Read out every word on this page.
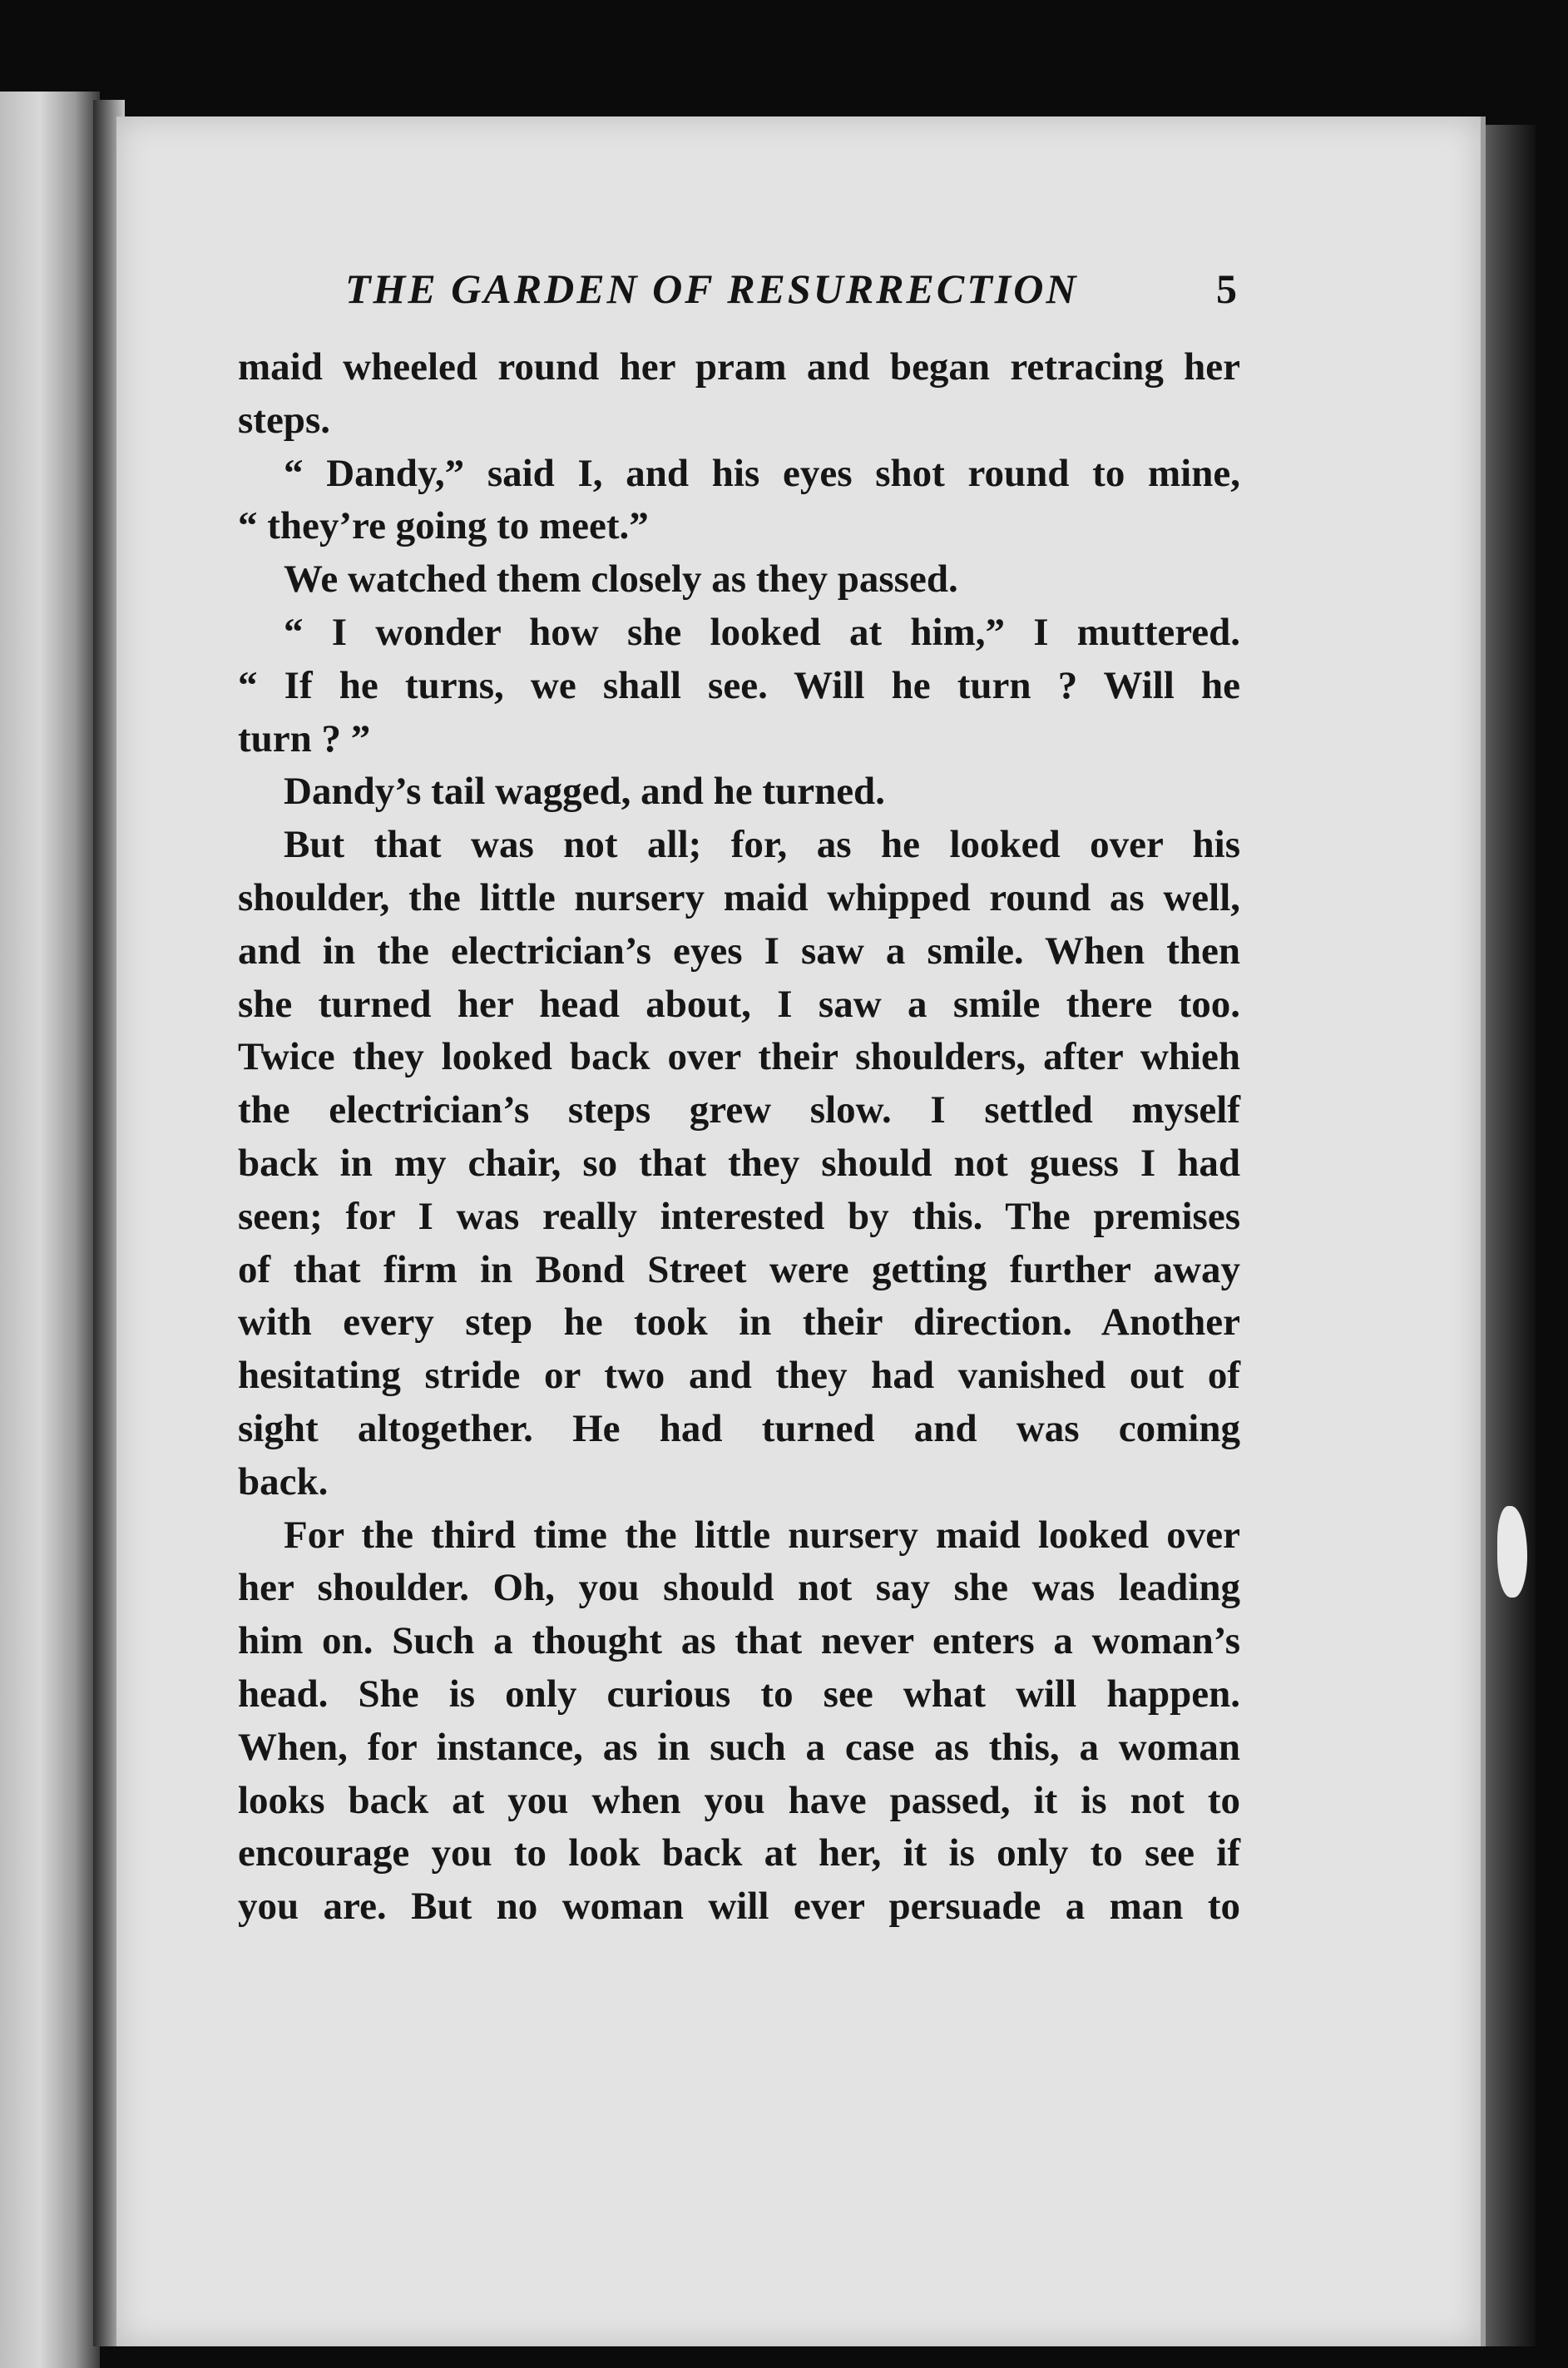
THE GARDEN OF RESURRECTION	5
maid wheeled round her pram and began retracing her
steps.
“ Dandy,” said I, and his eyes shot round to mine,
“ they’re going to meet.”
We watched them closely as they passed.
“ I wonder how she looked at him,” I muttered.
“ If he turns, we shall see. Will he turn ? Will he
turn ? ”
Dandy’s tail wagged, and he turned.
But that was not all; for, as he looked over his
shoulder, the little nursery maid whipped round as well,
and in the electrician’s eyes I saw a smile. When then
she turned her head about, I saw a smile there too.
Twice they looked back over their shoulders, after whieh
the electrician’s steps grew slow. I settled myself
back in my chair, so that they should not guess I had
seen; for I was really interested by this. The premises
of that firm in Bond Street were getting further away
with every step he took in their direction. Another
hesitating stride or two and they had vanished out of
sight altogether. He had turned and was coming
back.
For the third time the little nursery maid looked over
her shoulder. Oh, you should not say she was leading
him on. Such a thought as that never enters a woman’s
head. She is only curious to see what will happen.
When, for instance, as in such a case as this, a woman
looks back at you when you have passed, it is not to
encourage you to look back at her, it is only to see if
you are. But no woman will ever persuade a man to
